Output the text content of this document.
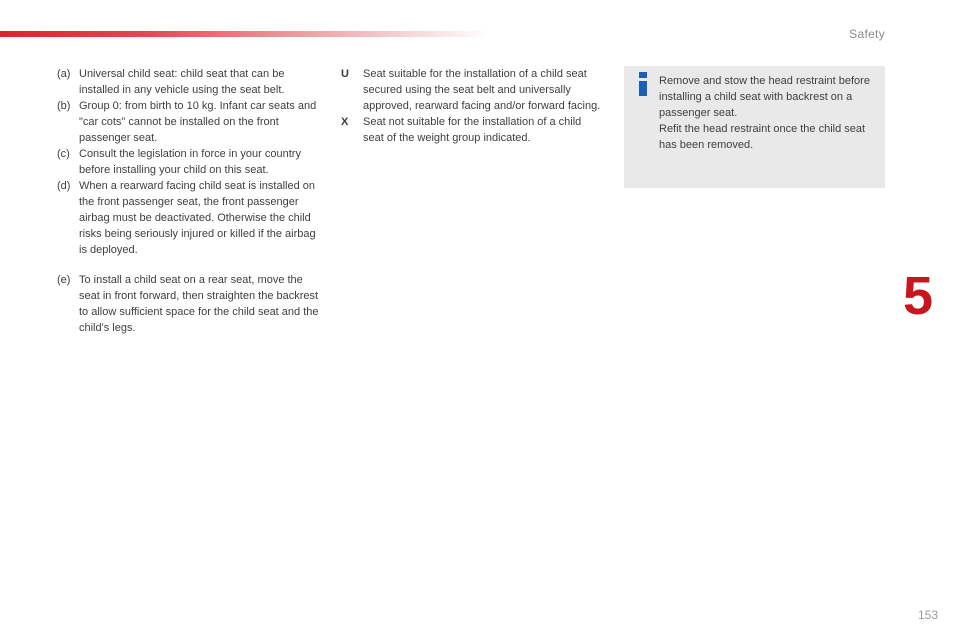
Safety
(a) Universal child seat: child seat that can be installed in any vehicle using the seat belt.
(b) Group 0: from birth to 10 kg. Infant car seats and "car cots" cannot be installed on the front passenger seat.
(c) Consult the legislation in force in your country before installing your child on this seat.
(d) When a rearward facing child seat is installed on the front passenger seat, the front passenger airbag must be deactivated. Otherwise the child risks being seriously injured or killed if the airbag is deployed.
(e) To install a child seat on a rear seat, move the seat in front forward, then straighten the backrest to allow sufficient space for the child seat and the child's legs.
U	Seat suitable for the installation of a child seat secured using the seat belt and universally approved, rearward facing and/or forward facing.
X	Seat not suitable for the installation of a child seat of the weight group indicated.
Remove and stow the head restraint before installing a child seat with backrest on a passenger seat.
Refit the head restraint once the child seat has been removed.
5
153
